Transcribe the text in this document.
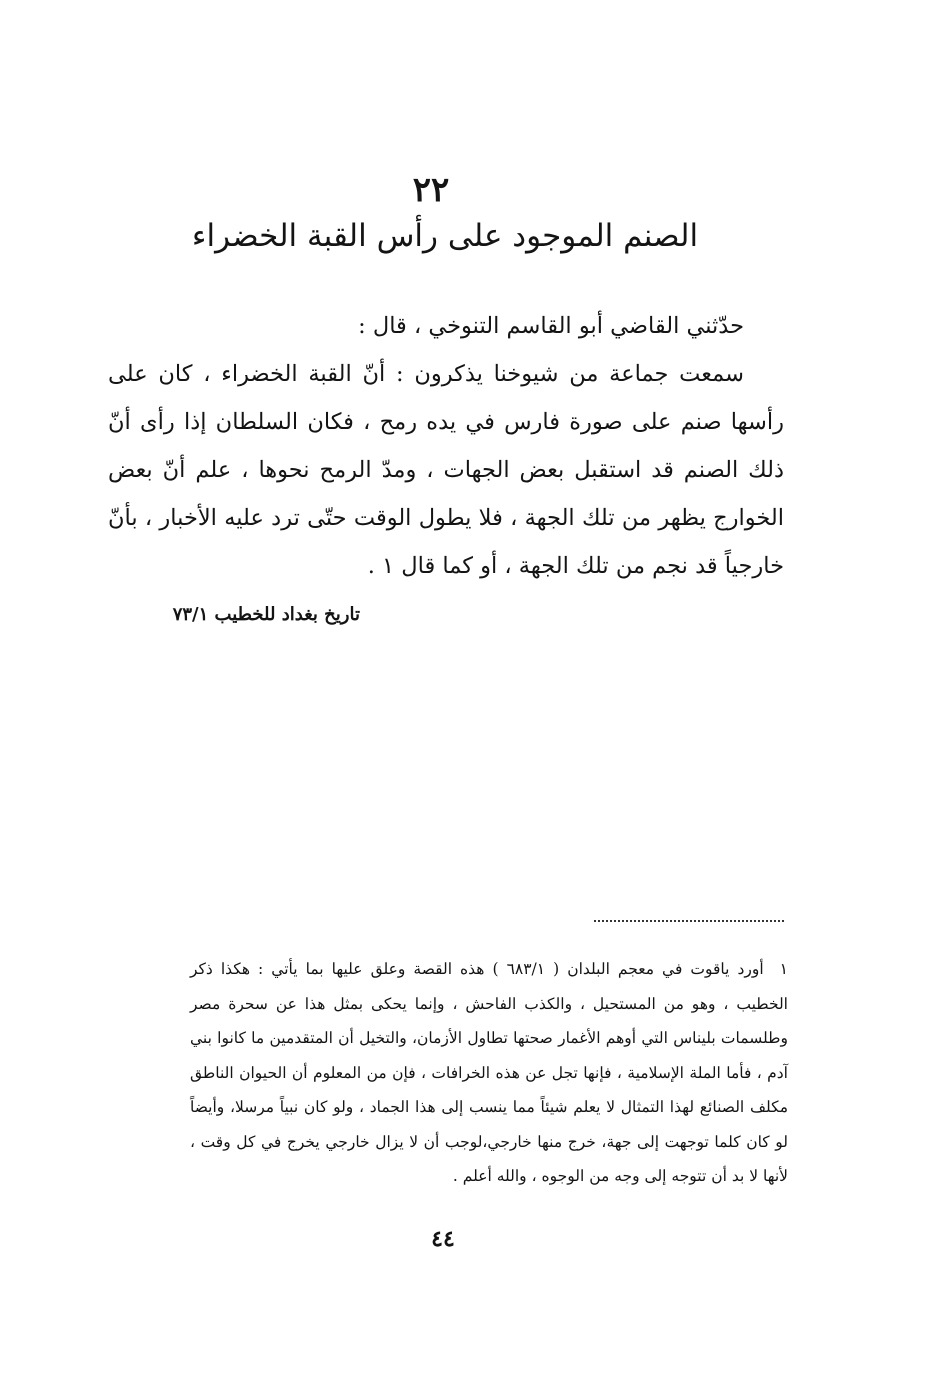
٢٢
الصنم الموجود على رأس القبة الخضراء

حدّثني القاضي أبو القاسم التنوخي ، قال :

سمعت جماعة من شيوخنا يذكرون : أنّ القبة الخضراء ، كان على رأسها صنم على صورة فارس في يده رمح ، فكان السلطان إذا رأى أنّ ذلك الصنم قد استقبل بعض الجهات ، ومدّ الرمح نحوها ، علم أنّ بعض الخوارج يظهر من تلك الجهة ، فلا يطول الوقت حتّى ترد عليه الأخبار ، بأنّ خارجياً قد نجم من تلك الجهة ، أو كما قال ١ .

تاريخ بغداد للخطيب ٧٣/١

١ أورد ياقوت في معجم البلدان ( ٦٨٣/١ ) هذه القصة وعلق عليها بما يأتي : هكذا ذكر الخطيب ، وهو من المستحيل ، والكذب الفاحش ، وإنما يحكى بمثل هذا عن سحرة مصر وطلسمات بليناس التي أوهم الأغمار صحتها تطاول الأزمان، والتخيل أن المتقدمين ما كانوا بني آدم ، فأما الملة الإسلامية ، فإنها تجل عن هذه الخرافات ، فإن من المعلوم أن الحيوان الناطق مكلف الصنائع لهذا التمثال لا يعلم شيئاً مما ينسب إلى هذا الجماد ، ولو كان نبياً مرسلا، وأيضاً لو كان كلما توجهت إلى جهة، خرج منها خارجي،لوجب أن لا يزال خارجي يخرج في كل وقت ، لأنها لا بد أن تتوجه إلى وجه من الوجوه ، والله أعلم .

٤٤
